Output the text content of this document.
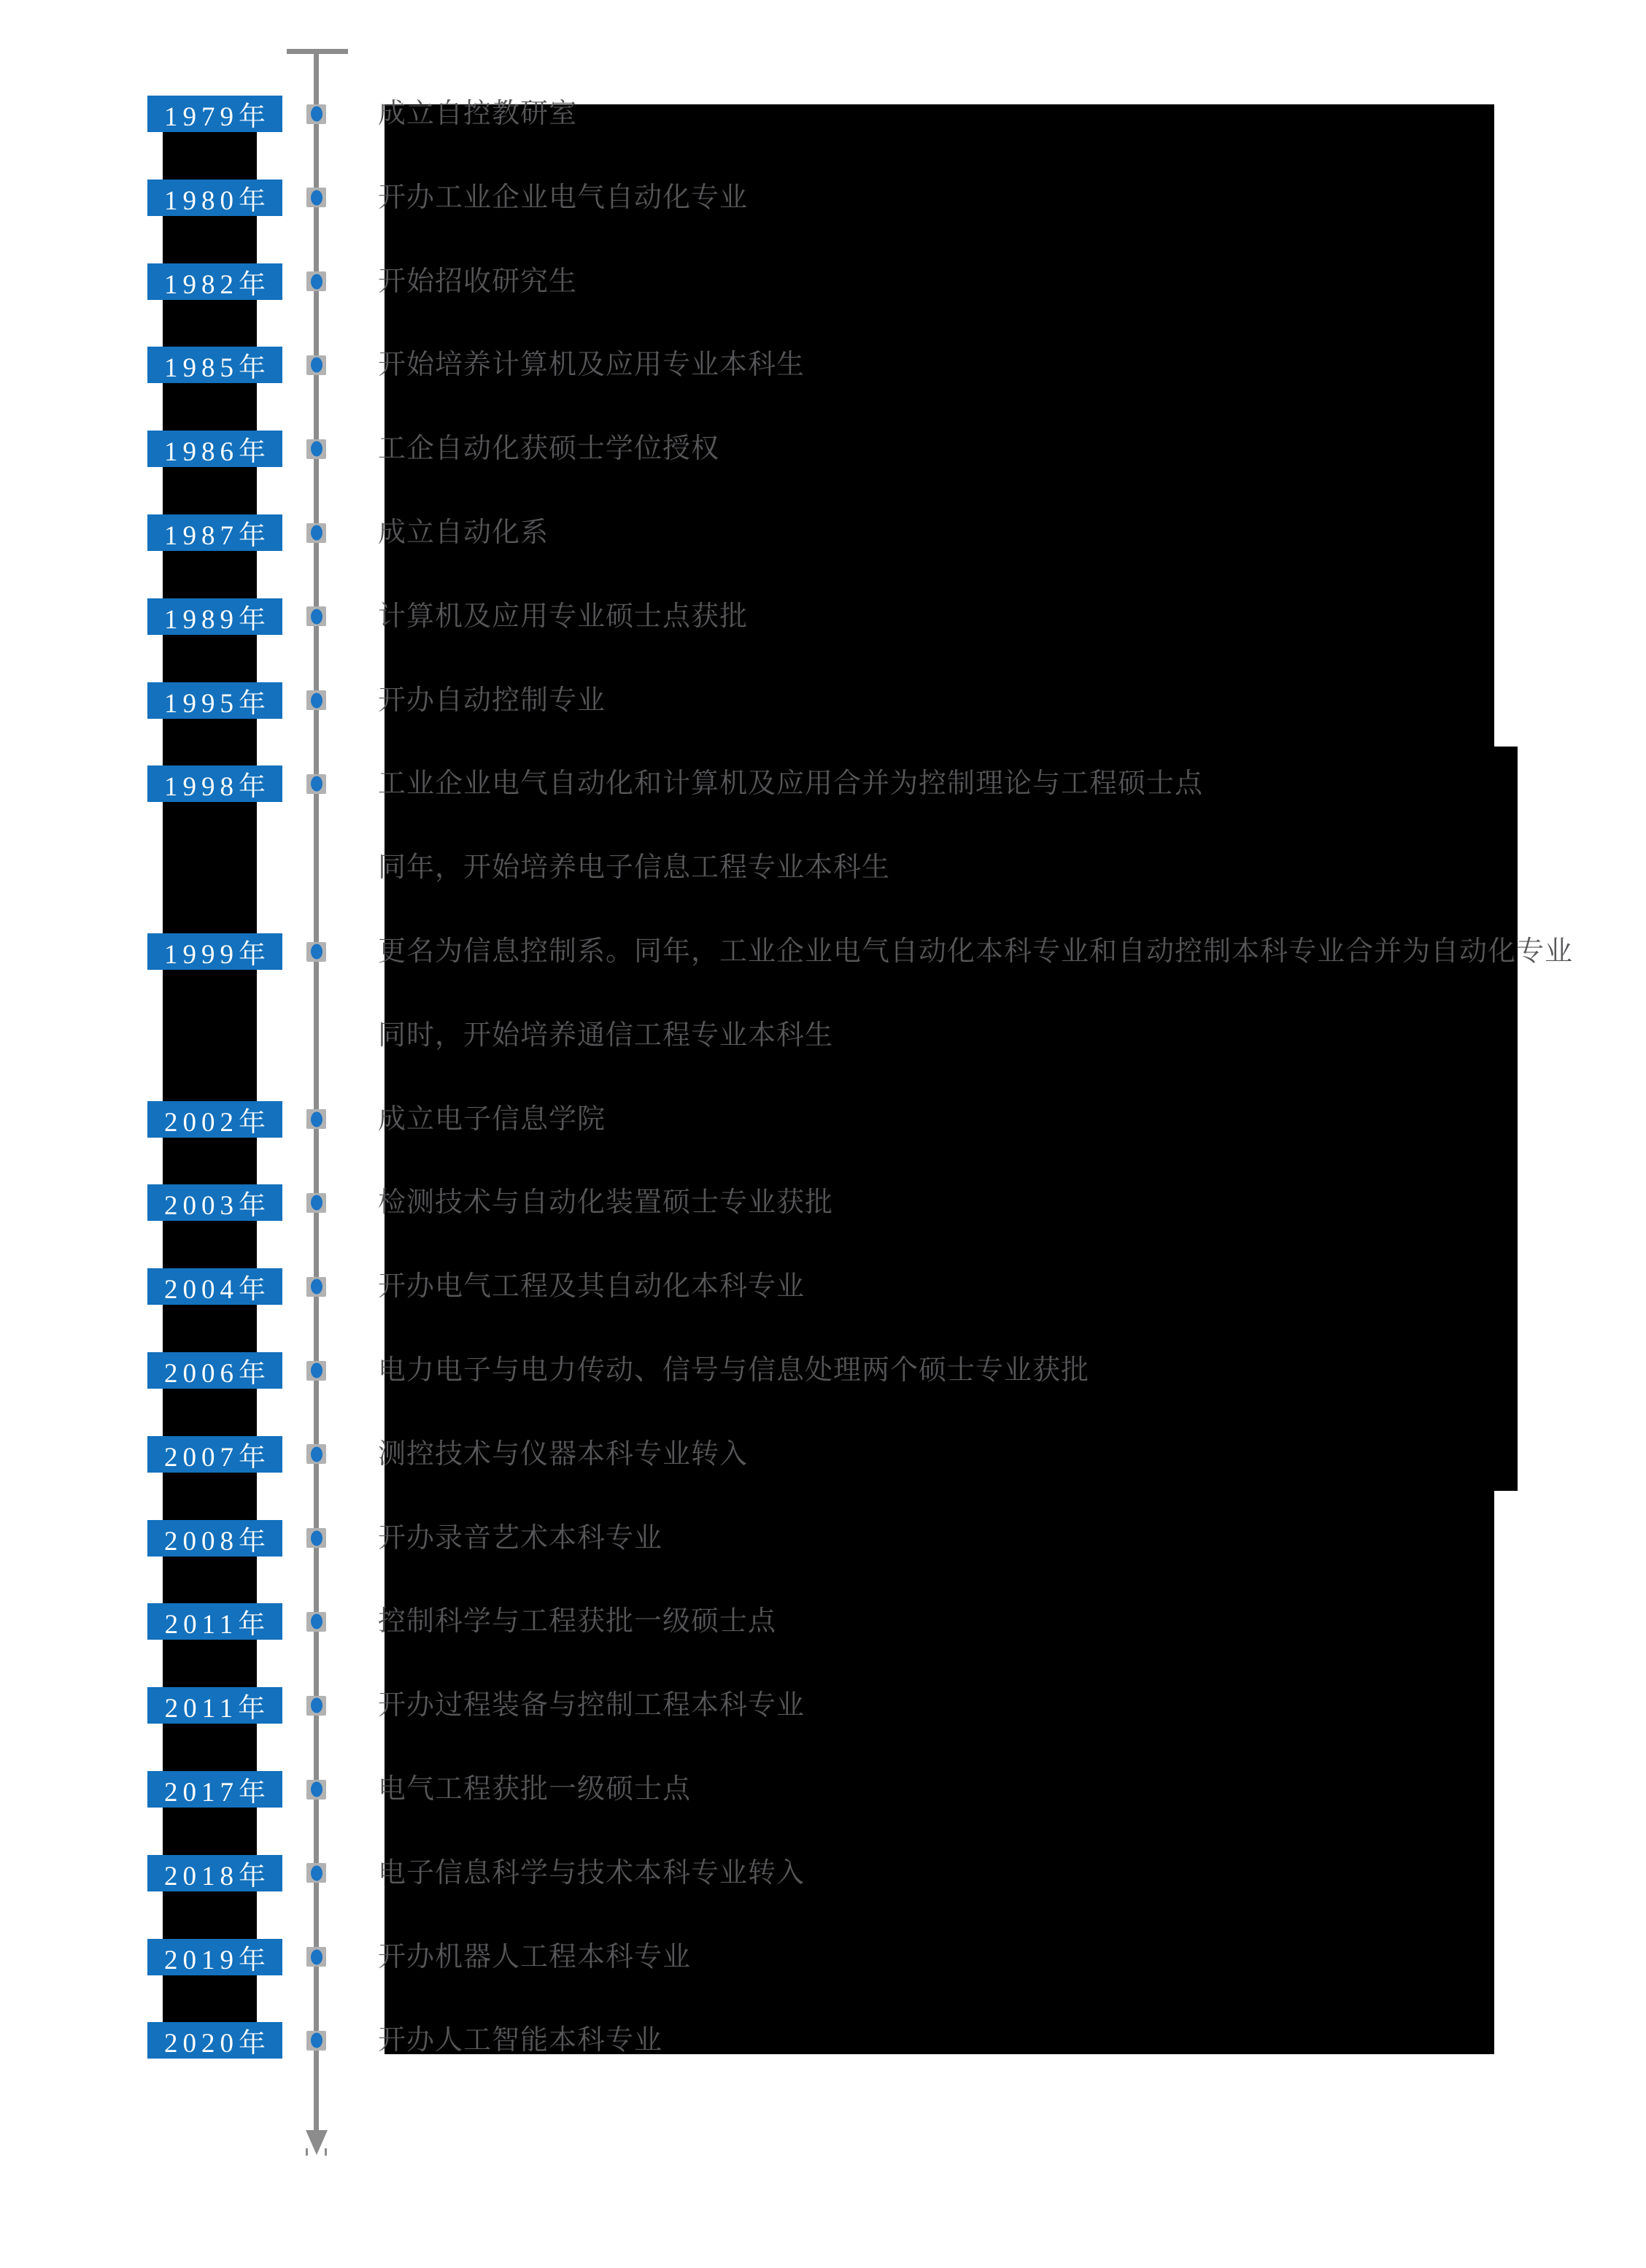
1979年	成立自控教研室
1980年	开办工业企业电气自动化专业
1982年	开始招收研究生
1985年	开始培养计算机及应用专业本科生
1986年	工企自动化获硕士学位授权
1987年	成立自动化系
1989年	计算机及应用专业硕士点获批
1995年	开办自动控制专业
1998年	工业企业电气自动化和计算机及应用合并为控制理论与工程硕士点
同年，开始培养电子信息工程专业本科生
1999年	更名为信息控制系。同年，工业企业电气自动化本科专业和自动控制本科专业合并为自动化专业
同时，开始培养通信工程专业本科生
2002年	成立电子信息学院
2003年	检测技术与自动化装置硕士专业获批
2004年	开办电气工程及其自动化本科专业
2006年	电力电子与电力传动、信号与信息处理两个硕士专业获批
2007年	测控技术与仪器本科专业转入
2008年	开办录音艺术本科专业
2011年	控制科学与工程获批一级硕士点
2011年	开办过程装备与控制工程本科专业
2017年	电气工程获批一级硕士点
2018年	电子信息科学与技术本科专业转入
2019年	开办机器人工程本科专业
2020年	开办人工智能本科专业
